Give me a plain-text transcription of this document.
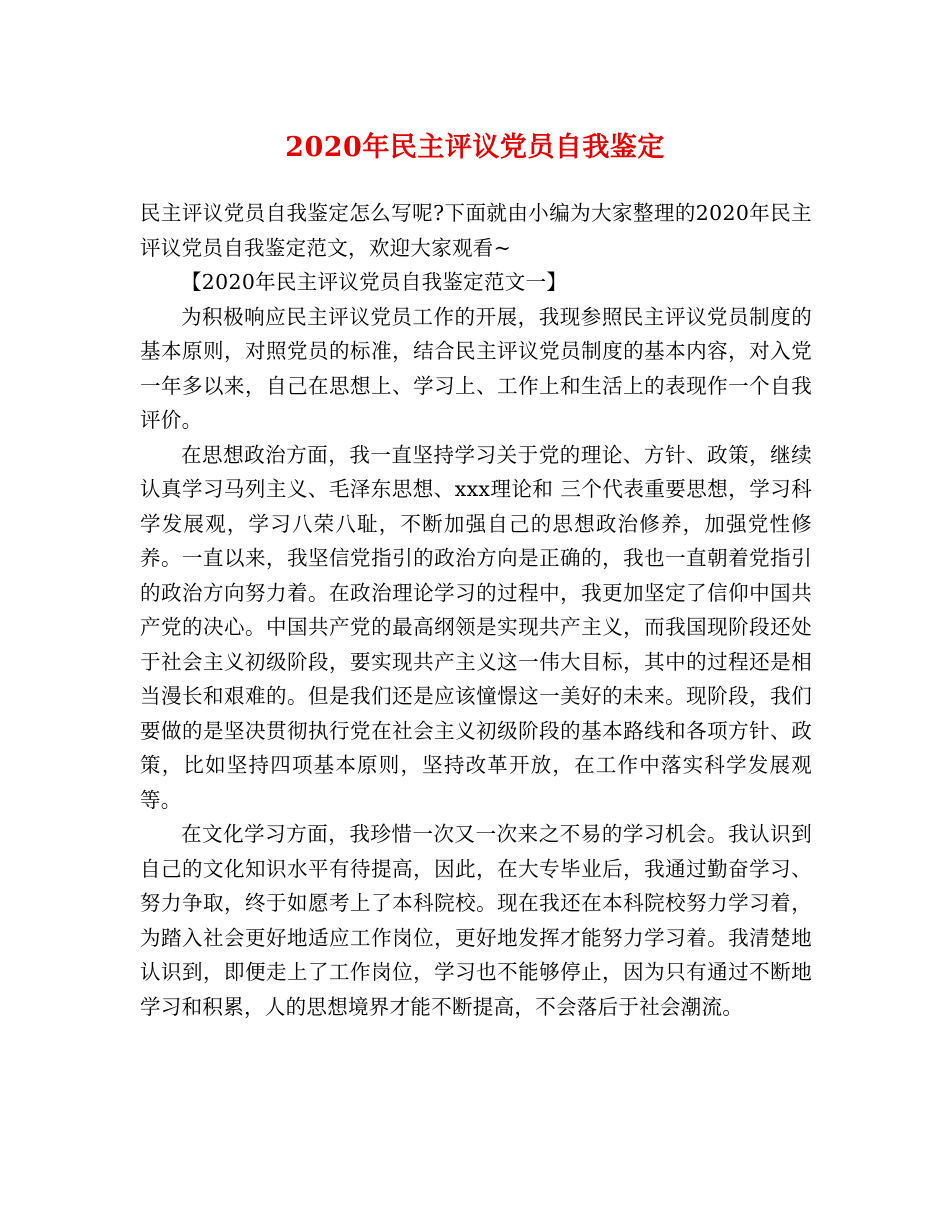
2020年民主评议党员自我鉴定

民主评议党员自我鉴定怎么写呢?下面就由小编为大家整理的2020年民主评议党员自我鉴定范文，欢迎大家观看~

【2020年民主评议党员自我鉴定范文一】

为积极响应民主评议党员工作的开展，我现参照民主评议党员制度的基本原则，对照党员的标准，结合民主评议党员制度的基本内容，对入党一年多以来，自己在思想上、学习上、工作上和生活上的表现作一个自我评价。

在思想政治方面，我一直坚持学习关于党的理论、方针、政策，继续认真学习马列主义、毛泽东思想、xxx理论和 三个代表重要思想，学习科学发展观，学习八荣八耻，不断加强自己的思想政治修养，加强党性修养。一直以来，我坚信党指引的政治方向是正确的，我也一直朝着党指引的政治方向努力着。在政治理论学习的过程中，我更加坚定了信仰中国共产党的决心。中国共产党的最高纲领是实现共产主义，而我国现阶段还处于社会主义初级阶段，要实现共产主义这一伟大目标，其中的过程还是相当漫长和艰难的。但是我们还是应该憧憬这一美好的未来。现阶段，我们要做的是坚决贯彻执行党在社会主义初级阶段的基本路线和各项方针、政策，比如坚持四项基本原则，坚持改革开放，在工作中落实科学发展观等。

在文化学习方面，我珍惜一次又一次来之不易的学习机会。我认识到自己的文化知识水平有待提高，因此，在大专毕业后，我通过勤奋学习、努力争取，终于如愿考上了本科院校。现在我还在本科院校努力学习着，为踏入社会更好地适应工作岗位，更好地发挥才能努力学习着。我清楚地认识到，即便走上了工作岗位，学习也不能够停止，因为只有通过不断地学习和积累，人的思想境界才能不断提高，不会落后于社会潮流。
